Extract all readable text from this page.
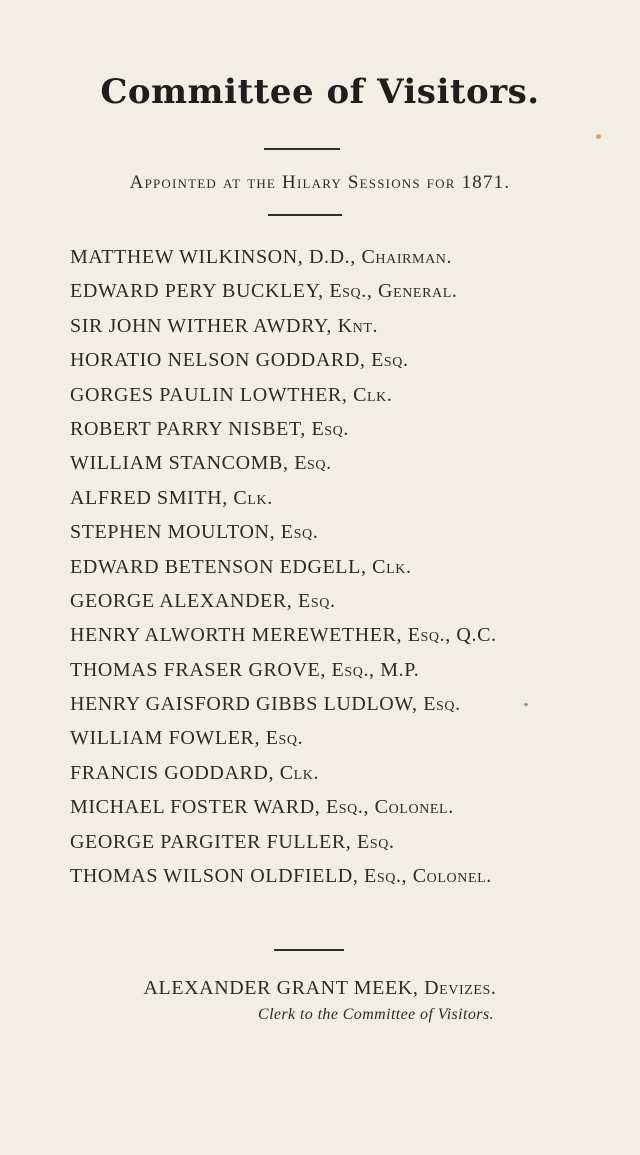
Committee of Visitors.
Appointed at the Hilary Sessions for 1871.
MATTHEW WILKINSON, D.D., Chairman.
EDWARD PERY BUCKLEY, Esq., General.
SIR JOHN WITHER AWDRY, Knt.
HORATIO NELSON GODDARD, Esq.
GORGES PAULIN LOWTHER, Clk.
ROBERT PARRY NISBET, Esq.
WILLIAM STANCOMB, Esq.
ALFRED SMITH, Clk.
STEPHEN MOULTON, Esq.
EDWARD BETENSON EDGELL, Clk.
GEORGE ALEXANDER, Esq.
HENRY ALWORTH MEREWETHER, Esq., Q.C.
THOMAS FRASER GROVE, Esq., M.P.
HENRY GAISFORD GIBBS LUDLOW, Esq.
WILLIAM FOWLER, Esq.
FRANCIS GODDARD, Clk.
MICHAEL FOSTER WARD, Esq., Colonel.
GEORGE PARGITER FULLER, Esq.
THOMAS WILSON OLDFIELD, Esq., Colonel.
ALEXANDER GRANT MEEK, Devizes.
Clerk to the Committee of Visitors.
